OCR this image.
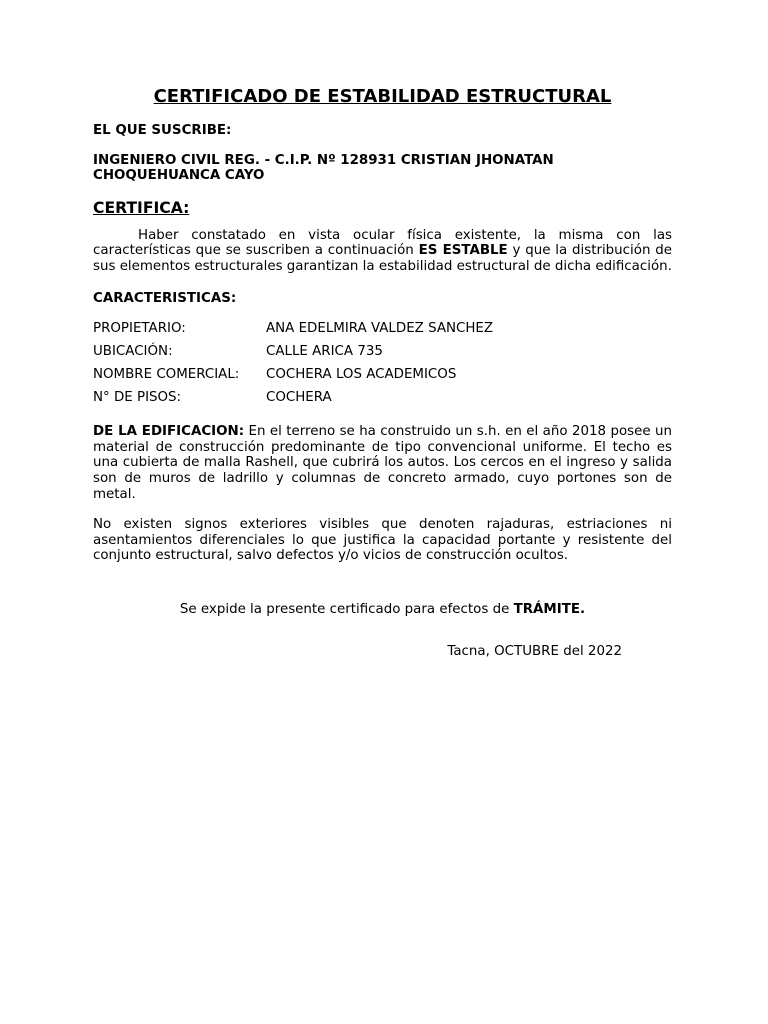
CERTIFICADO DE ESTABILIDAD ESTRUCTURAL
EL QUE SUSCRIBE:
INGENIERO CIVIL REG. - C.I.P. Nº 128931 CRISTIAN JHONATAN
CHOQUEHUANCA CAYO
CERTIFICA:

Haber constatado en vista ocular física existente, la misma con las características que se suscriben a continuación ES ESTABLE y que la distribución de sus elementos estructurales garantizan la estabilidad estructural de dicha edificación.

CARACTERISTICAS:
PROPIETARIO:	ANA EDELMIRA VALDEZ SANCHEZ
UBICACIÓN:	CALLE ARICA 735
NOMBRE COMERCIAL:	COCHERA LOS ACADEMICOS
N° DE PISOS:	COCHERA

DE LA EDIFICACION: En el terreno se ha construido un s.h. en el año 2018 posee un material de construcción predominante de tipo convencional uniforme. El techo es una cubierta de malla Rashell, que cubrirá los autos. Los cercos en el ingreso y salida son de muros de ladrillo y columnas de concreto armado, cuyo portones son de metal.

No existen signos exteriores visibles que denoten rajaduras, estriaciones ni asentamientos diferenciales lo que justifica la capacidad portante y resistente del conjunto estructural, salvo defectos y/o vicios de construcción ocultos.

Se expide la presente certificado para efectos de TRÁMITE.
Tacna, OCTUBRE del 2022
